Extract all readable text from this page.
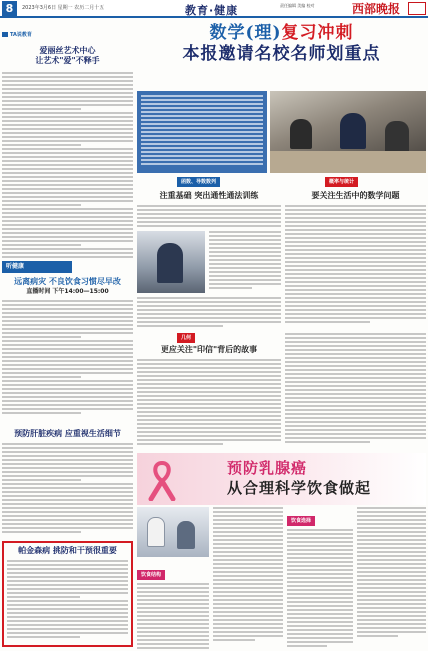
8	2023年3月6日 星期一 农历二月十五	教育·健康	责任编辑 美编 校对	西部晚报
TA说教育
爱丽丝艺术中心
让艺术"爱"不释手
听健康
远离病灾 不良饮食习惯尽早改
直播时间 下午14:00—15:00
预防肝脏疾病 应重视生活细节
帕金森病 挑防和干预很重要
数学(理)复习冲刺
本报邀请名校名师划重点
函数、导数数列
注重基础 突出通性通法训练
概率与统计
要关注生活中的数学问题
几何
更应关注"印信"背后的故事
预防乳腺癌
从合理科学饮食做起
饮食结构
饮食选择
